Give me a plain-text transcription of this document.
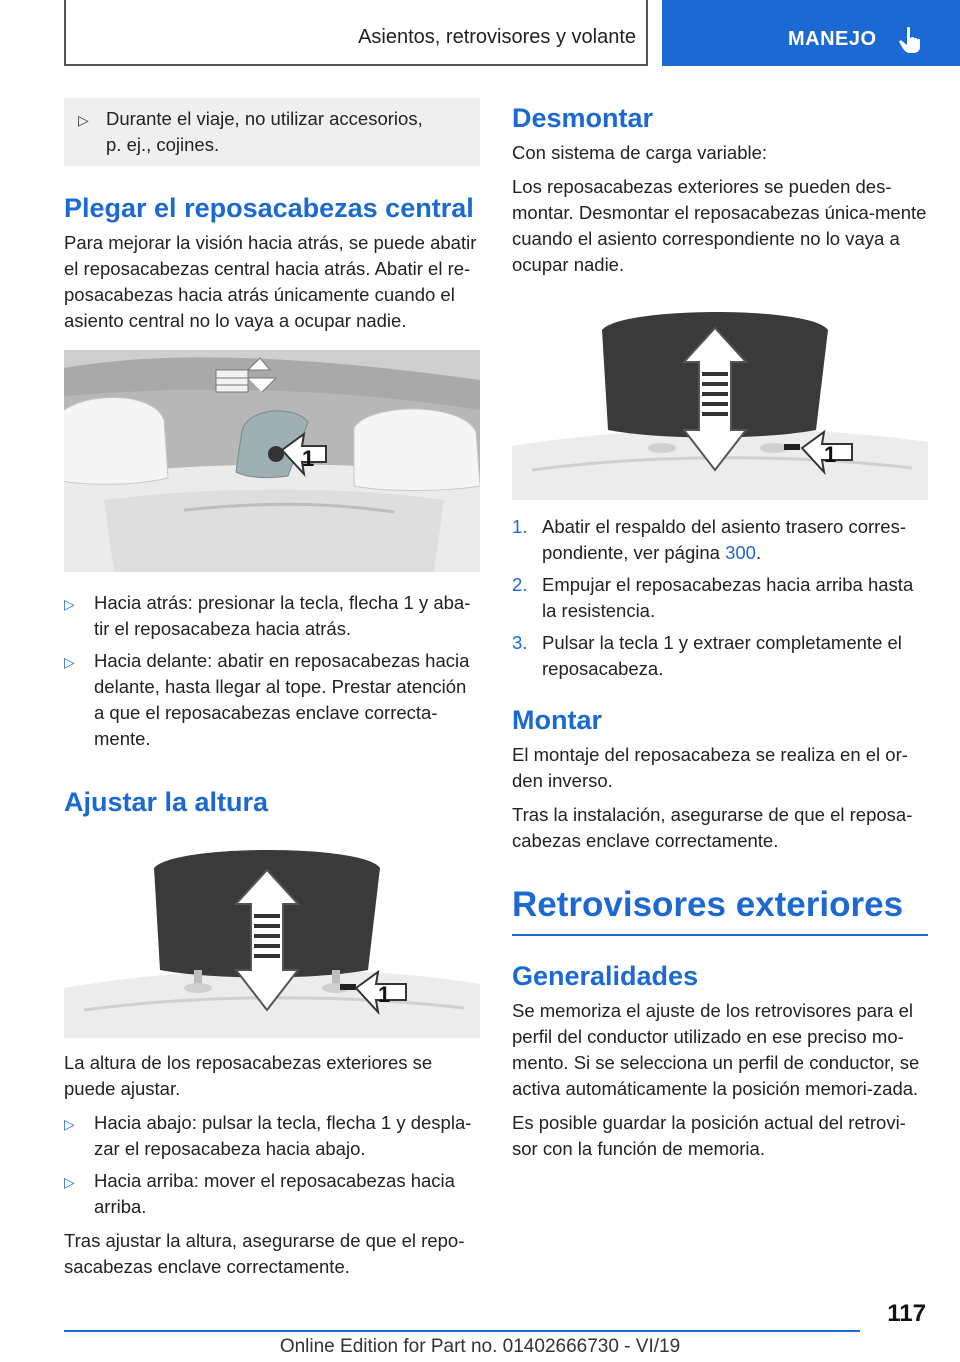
Asientos, retrovisores y volante	MANEJO
▷ Durante el viaje, no utilizar accesorios,
p. ej., cojines.
Plegar el reposacabezas central
Para mejorar la visión hacia atrás, se puede abatir el reposacabezas central hacia atrás. Abatir el re-posacabezas hacia atrás únicamente cuando el asiento central no lo vaya a ocupar nadie.
1
▷	Hacia atrás: presionar la tecla, flecha 1 y aba-tir el reposacabeza hacia atrás.
▷	Hacia delante: abatir en reposacabezas hacia delante, hasta llegar al tope. Prestar atención a que el reposacabezas enclave correcta-mente.
Ajustar la altura
1
La altura de los reposacabezas exteriores se puede ajustar.
▷	Hacia abajo: pulsar la tecla, flecha 1 y despla-zar el reposacabeza hacia abajo.
▷	Hacia arriba: mover el reposacabezas hacia arriba.
Tras ajustar la altura, asegurarse de que el repo-sacabezas enclave correctamente.
Desmontar
Con sistema de carga variable:
Los reposacabezas exteriores se pueden des-montar. Desmontar el reposacabezas única-mente cuando el asiento correspondiente no lo vaya a ocupar nadie.
1
1. Abatir el respaldo del asiento trasero corres-pondiente, ver página 300.
2. Empujar el reposacabezas hacia arriba hasta la resistencia.
3. Pulsar la tecla 1 y extraer completamente el reposacabeza.
Montar
El montaje del reposacabeza se realiza en el or-den inverso.
Tras la instalación, asegurarse de que el reposa-cabezas enclave correctamente.
Retrovisores exteriores
Generalidades
Se memoriza el ajuste de los retrovisores para el perfil del conductor utilizado en ese preciso mo-mento. Si se selecciona un perfil de conductor, se activa automáticamente la posición memori-zada.
Es posible guardar la posición actual del retrovi-sor con la función de memoria.
117
Online Edition for Part no. 01402666730 - VI/19
